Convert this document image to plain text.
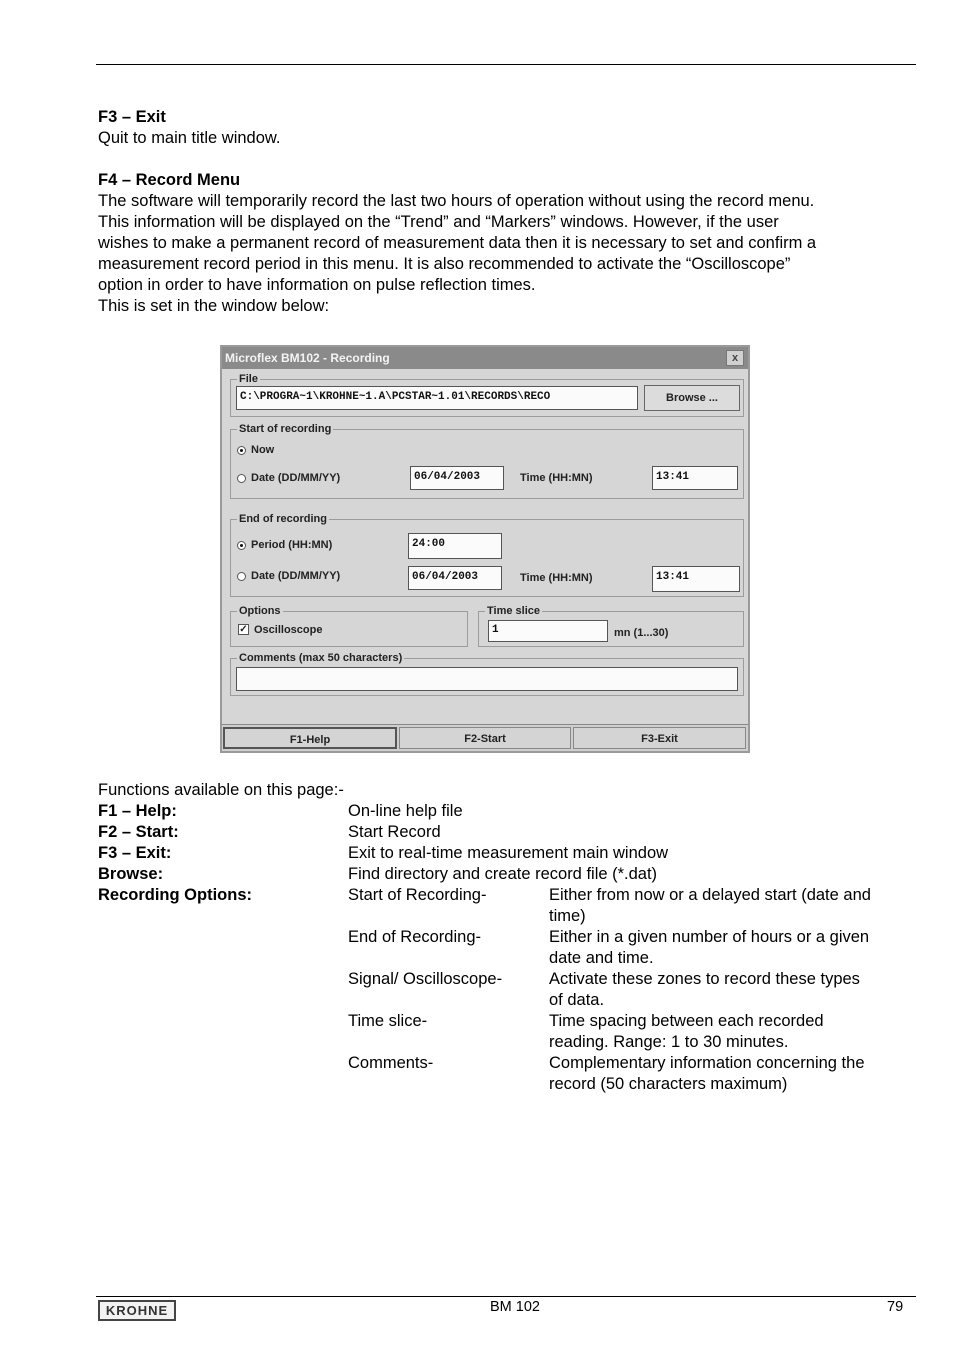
F3 – Exit

Quit to main title window.

F4 – Record Menu

The software will temporarily record the last two hours of operation without using the record menu.

This information will be displayed on the “Trend” and “Markers” windows. However, if the user

wishes to make a permanent record of measurement data then it is necessary to set and confirm a

measurement record period in this menu. It is also recommended to activate the “Oscilloscope”

option in order to have information on pulse reflection times.

This is set in the window below:

Microflex BM102 - Recording	x
File
C:\PROGRA~1\KROHNE~1.A\PCSTAR~1.01\RECORDS\RECO	Browse ...
Start of recording
Now
Date (DD/MM/YY)	06/04/2003	Time (HH:MN)	13:41
End of recording
Period (HH:MN)	24:00
Date (DD/MM/YY)	06/04/2003	Time (HH:MN)	13:41
Options
✓ Oscilloscope
Time slice
1	mn (1...30)
Comments (max 50 characters)
F1-Help	F2-Start	F3-Exit
Functions available on this page:-
F1 – Help:	On-line help file
F2 – Start:	Start Record
F3 – Exit:	Exit to real-time measurement main window
Browse:	Find directory and create record file (*.dat)
Recording Options:	Start of Recording-	Either from now or a delayed start (date and
time)
End of Recording-	Either in a given number of hours or a given
date and time.
Signal/ Oscilloscope-	Activate these zones to record these types
of data.
Time slice-	Time spacing between each recorded
reading. Range: 1 to 30 minutes.
Comments-	Complementary information concerning the
record (50 characters maximum)
KROHNE	BM 102	79
